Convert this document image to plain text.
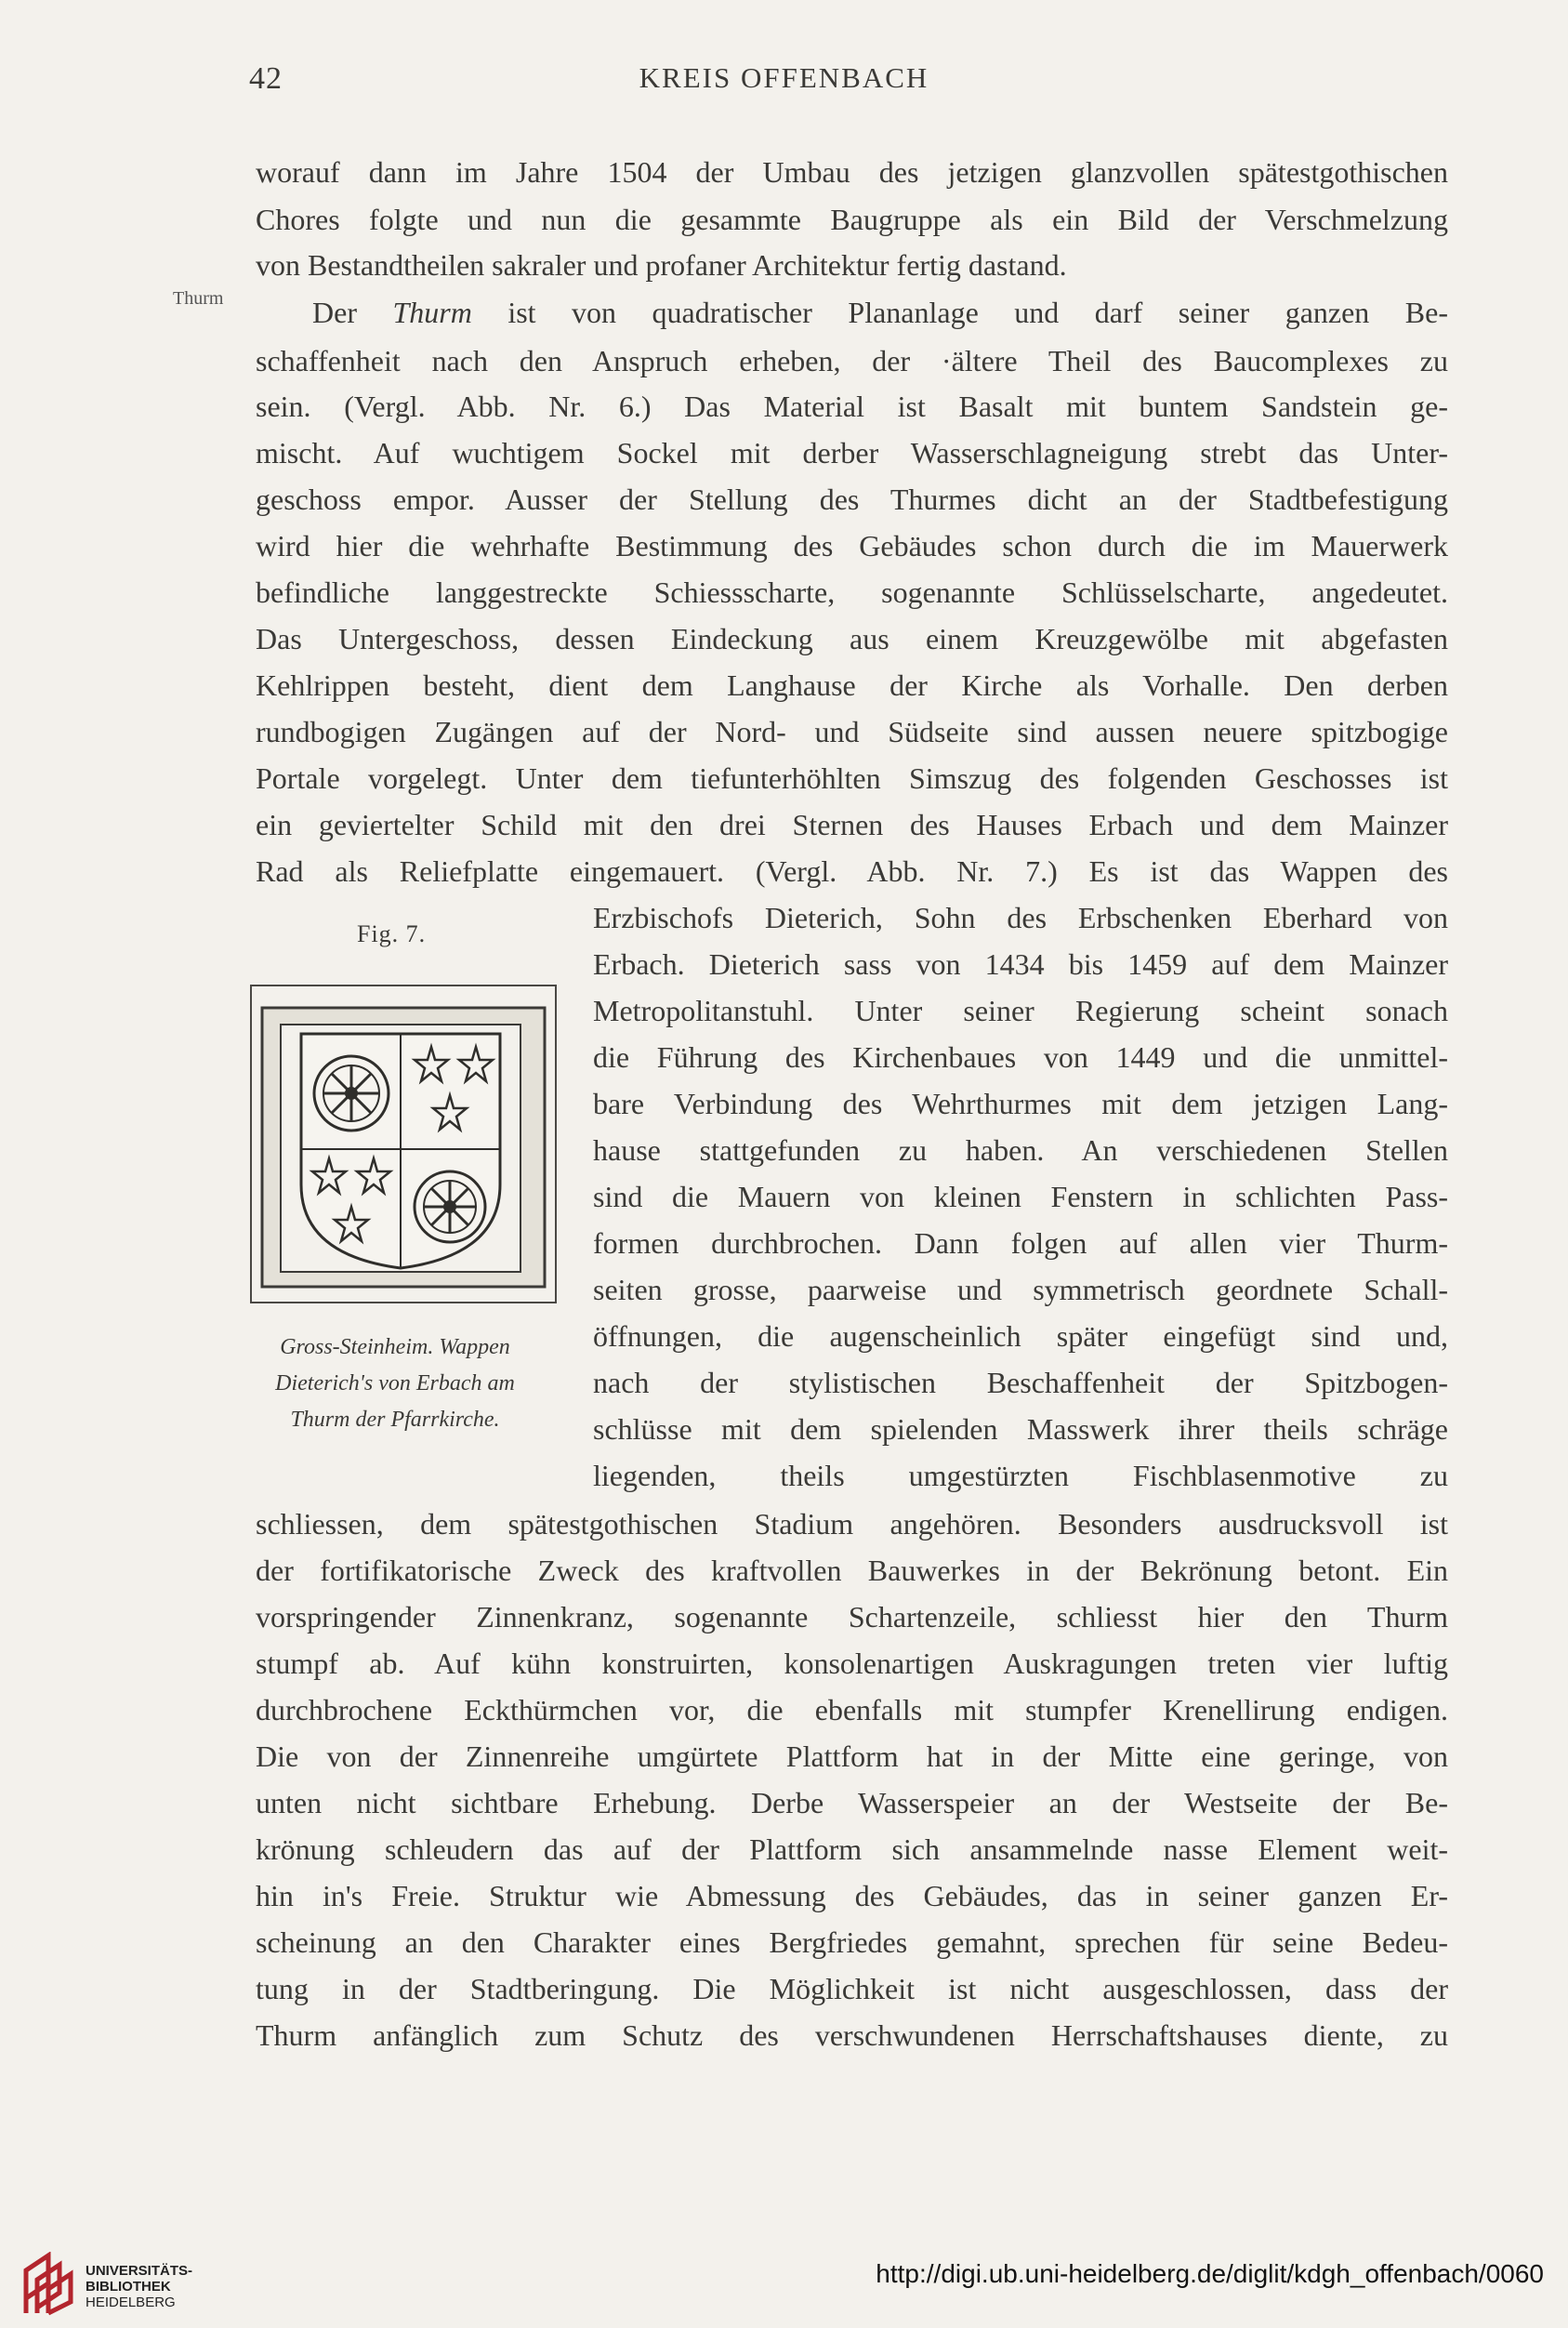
42	KREIS OFFENBACH
Thurm
worauf dann im Jahre 1504 der Umbau des jetzigen glanzvollen spätestgothischen
Chores folgte und nun die gesammte Baugruppe als ein Bild der Verschmelzung
von Bestandtheilen sakraler und profaner Architektur fertig dastand.
Der Thurm ist von quadratischer Plananlage und darf seiner ganzen Be-
schaffenheit nach den Anspruch erheben, der ·ältere Theil des Baucomplexes zu
sein. (Vergl. Abb. Nr. 6.) Das Material ist Basalt mit buntem Sandstein ge-
mischt. Auf wuchtigem Sockel mit derber Wasserschlagneigung strebt das Unter-
geschoss empor. Ausser der Stellung des Thurmes dicht an der Stadtbefestigung
wird hier die wehrhafte Bestimmung des Gebäudes schon durch die im Mauerwerk
befindliche langgestreckte Schiessscharte, sogenannte Schlüsselscharte, angedeutet.
Das Untergeschoss, dessen Eindeckung aus einem Kreuzgewölbe mit abgefasten
Kehlrippen besteht, dient dem Langhause der Kirche als Vorhalle. Den derben
rundbogigen Zugängen auf der Nord- und Südseite sind aussen neuere spitzbogige
Portale vorgelegt. Unter dem tiefunterhöhlten Simszug des folgenden Geschosses ist
ein geviertelter Schild mit den drei Sternen des Hauses Erbach und dem Mainzer
Rad als Reliefplatte eingemauert. (Vergl. Abb. Nr. 7.) Es ist das Wappen des
Fig. 7.
Gross-Steinheim. Wappen
Dieterich's von Erbach am
Thurm der Pfarrkirche.
Erzbischofs Dieterich, Sohn des Erbschenken Eberhard von
Erbach. Dieterich sass von 1434 bis 1459 auf dem Mainzer
Metropolitanstuhl. Unter seiner Regierung scheint sonach
die Führung des Kirchenbaues von 1449 und die unmittel-
bare Verbindung des Wehrthurmes mit dem jetzigen Lang-
hause stattgefunden zu haben. An verschiedenen Stellen
sind die Mauern von kleinen Fenstern in schlichten Pass-
formen durchbrochen. Dann folgen auf allen vier Thurm-
seiten grosse, paarweise und symmetrisch geordnete Schall-
öffnungen, die augenscheinlich später eingefügt sind und,
nach der stylistischen Beschaffenheit der Spitzbogen-
schlüsse mit dem spielenden Masswerk ihrer theils schräge
liegenden, theils umgestürzten Fischblasenmotive zu
schliessen, dem spätestgothischen Stadium angehören. Besonders ausdrucksvoll ist
der fortifikatorische Zweck des kraftvollen Bauwerkes in der Bekrönung betont. Ein
vorspringender Zinnenkranz, sogenannte Schartenzeile, schliesst hier den Thurm
stumpf ab. Auf kühn konstruirten, konsolenartigen Auskragungen treten vier luftig
durchbrochene Eckthürmchen vor, die ebenfalls mit stumpfer Krenellirung endigen.
Die von der Zinnenreihe umgürtete Plattform hat in der Mitte eine geringe, von
unten nicht sichtbare Erhebung. Derbe Wasserspeier an der Westseite der Be-
krönung schleudern das auf der Plattform sich ansammelnde nasse Element weit-
hin in's Freie. Struktur wie Abmessung des Gebäudes, das in seiner ganzen Er-
scheinung an den Charakter eines Bergfriedes gemahnt, sprechen für seine Bedeu-
tung in der Stadtberingung. Die Möglichkeit ist nicht ausgeschlossen, dass der
Thurm anfänglich zum Schutz des verschwundenen Herrschaftshauses diente, zu
UNIVERSITÄTS-
BIBLIOTHEK
HEIDELBERG
http://digi.ub.uni-heidelberg.de/diglit/kdgh_offenbach/0060
